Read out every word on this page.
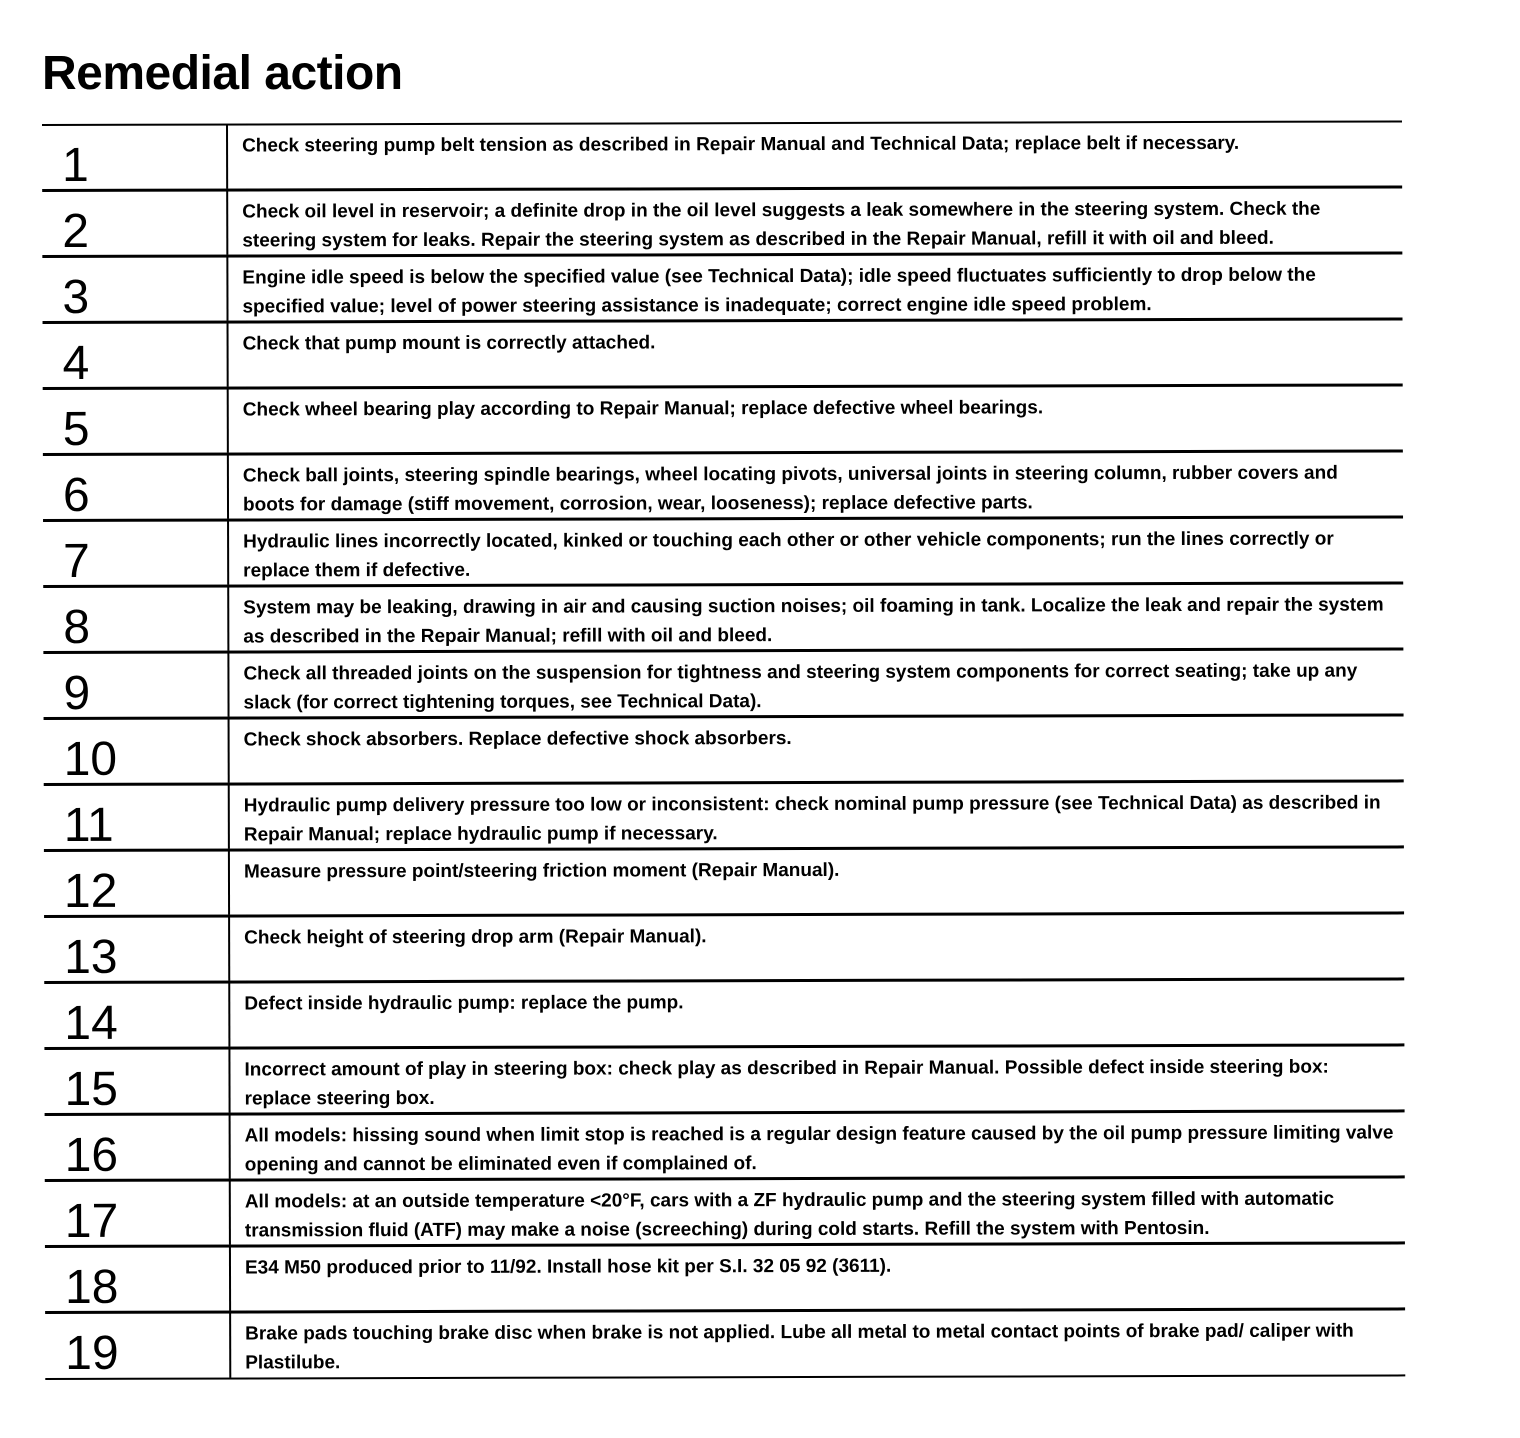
Remedial action
1	Check steering pump belt tension as described in Repair Manual and Technical Data; replace belt if necessary.
2	Check oil level in reservoir; a definite drop in the oil level suggests a leak somewhere in the steering system. Check the steering system for leaks. Repair the steering system as described in the Repair Manual, refill it with oil and bleed.
3	Engine idle speed is below the specified value (see Technical Data); idle speed fluctuates sufficiently to drop below the specified value; level of power steering assistance is inadequate; correct engine idle speed problem.
4	Check that pump mount is correctly attached.
5	Check wheel bearing play according to Repair Manual; replace defective wheel bearings.
6	Check ball joints, steering spindle bearings, wheel locating pivots, universal joints in steering column, rubber covers and boots for damage (stiff movement, corrosion, wear, looseness); replace defective parts.
7	Hydraulic lines incorrectly located, kinked or touching each other or other vehicle components; run the lines correctly or replace them if defective.
8	System may be leaking, drawing in air and causing suction noises; oil foaming in tank. Localize the leak and repair the system as described in the Repair Manual; refill with oil and bleed.
9	Check all threaded joints on the suspension for tightness and steering system components for correct seating; take up any slack (for correct tightening torques, see Technical Data).
10	Check shock absorbers. Replace defective shock absorbers.
11	Hydraulic pump delivery pressure too low or inconsistent: check nominal pump pressure (see Technical Data) as described in Repair Manual; replace hydraulic pump if necessary.
12	Measure pressure point/steering friction moment (Repair Manual).
13	Check height of steering drop arm (Repair Manual).
14	Defect inside hydraulic pump: replace the pump.
15	Incorrect amount of play in steering box: check play as described in Repair Manual. Possible defect inside steering box: replace steering box.
16	All models: hissing sound when limit stop is reached is a regular design feature caused by the oil pump pressure limiting valve opening and cannot be eliminated even if complained of.
17	All models: at an outside temperature <20°F, cars with a ZF hydraulic pump and the steering system filled with automatic transmission fluid (ATF) may make a noise (screeching) during cold starts. Refill the system with Pentosin.
18	E34 M50 produced prior to 11/92. Install hose kit per S.I. 32 05 92 (3611).
19	Brake pads touching brake disc when brake is not applied. Lube all metal to metal contact points of brake pad/ caliper with Plastilube.
